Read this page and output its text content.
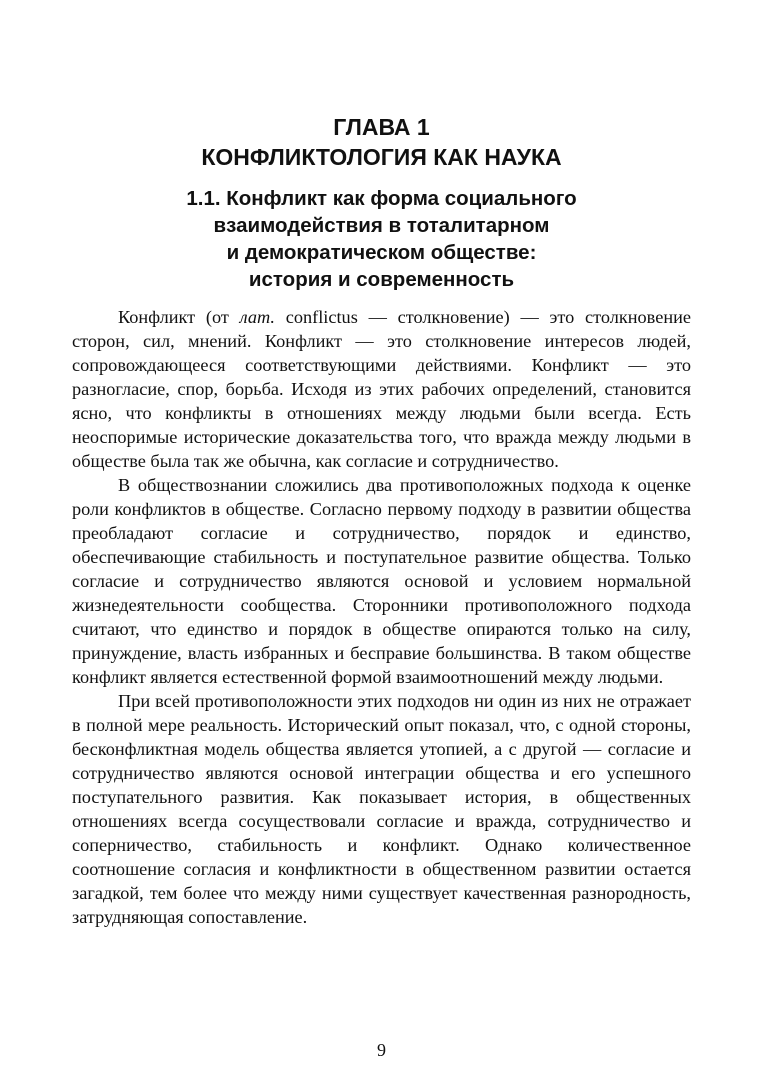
ГЛАВА 1
КОНФЛИКТОЛОГИЯ КАК НАУКА
1.1. Конфликт как форма социального
взаимодействия в тоталитарном
и демократическом обществе:
история и современность

Конфликт (от лат. conflictus — столкновение) — это столкновение сторон, сил, мнений. Конфликт — это столкновение интересов людей, сопровождающееся соответствующими действиями. Конфликт — это разногласие, спор, борьба. Исходя из этих рабочих определений, становится ясно, что конфликты в отношениях между людьми были всегда. Есть неоспоримые исторические доказательства того, что вражда между людьми в обществе была так же обычна, как согласие и сотрудничество.

В обществознании сложились два противоположных подхода к оценке роли конфликтов в обществе. Согласно первому подходу в развитии общества преобладают согласие и сотрудничество, порядок и единство, обеспечивающие стабильность и поступательное развитие общества. Только согласие и сотрудничество являются основой и условием нормальной жизнедеятельности сообщества. Сторонники противоположного подхода считают, что единство и порядок в обществе опираются только на силу, принуждение, власть избранных и бесправие большинства. В таком обществе конфликт является естественной формой взаимоотношений между людьми.

При всей противоположности этих подходов ни один из них не отражает в полной мере реальность. Исторический опыт показал, что, с одной стороны, бесконфликтная модель общества является утопией, а с другой — согласие и сотрудничество являются основой интеграции общества и его успешного поступательного развития. Как показывает история, в общественных отношениях всегда сосуществовали согласие и вражда, сотрудничество и соперничество, стабильность и конфликт. Однако количественное соотношение согласия и конфликтности в общественном развитии остается загадкой, тем более что между ними существует качественная разнородность, затрудняющая сопоставление.

9
